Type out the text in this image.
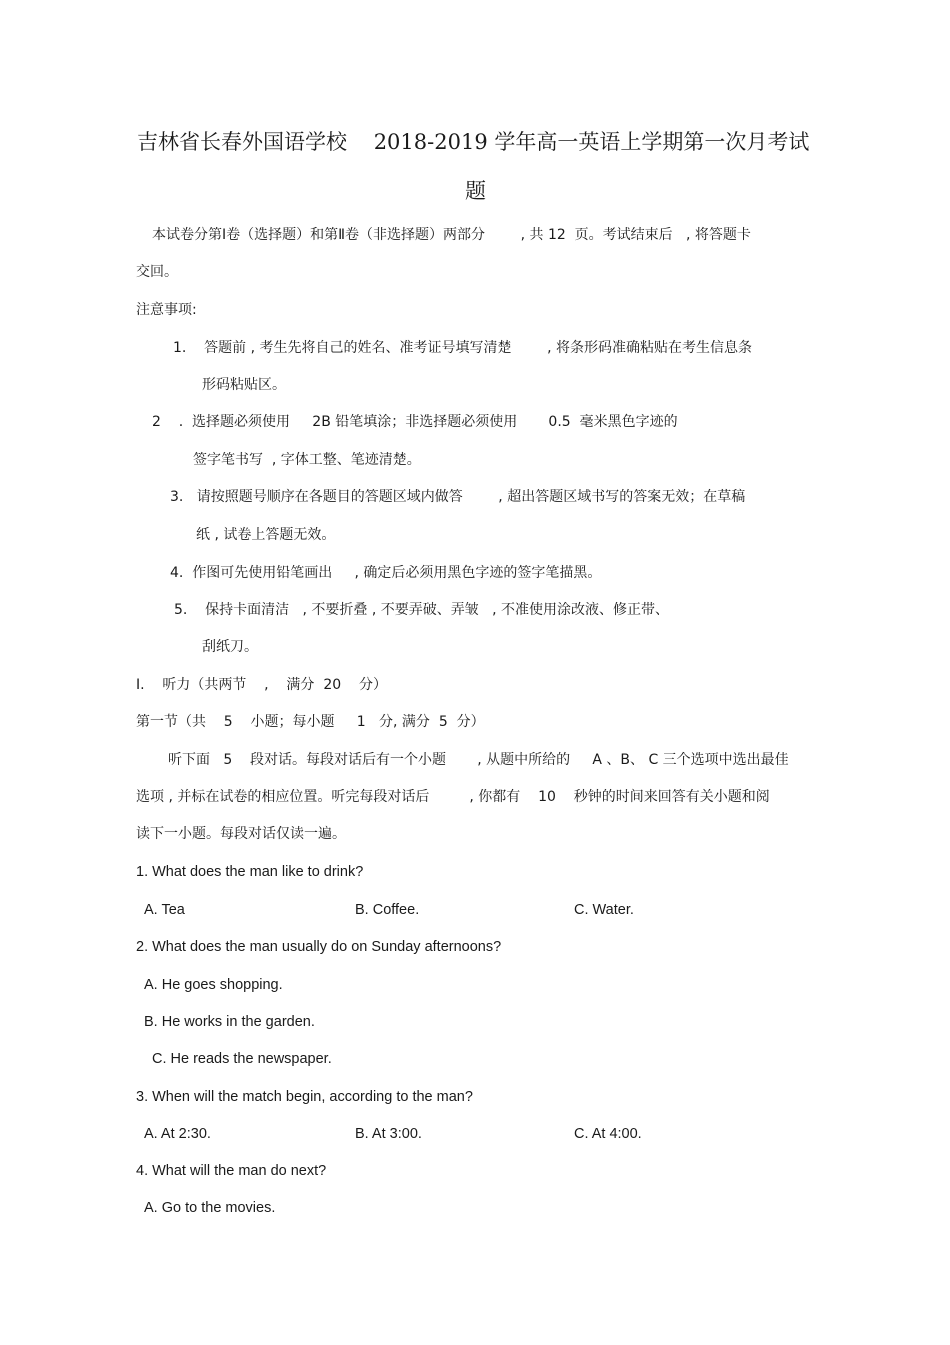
吉林省长春外国语学校    2018-2019 学年高一英语上学期第一次月考试
题
本试卷分第Ⅰ卷（选择题）和第Ⅱ卷（非选择题）两部分        , 共 12  页。考试结束后   , 将答题卡
交回。
注意事项:
1.    答题前 , 考生先将自己的姓名、准考证号填写清楚        , 将条形码准确粘贴在考生信息条
形码粘贴区。
2    .  选择题必须使用     2B 铅笔填涂；非选择题必须使用       0.5  毫米黑色字迹的
签字笔书写  , 字体工整、笔迹清楚。
3.   请按照题号顺序在各题目的答题区域内做答        , 超出答题区域书写的答案无效；在草稿
纸 , 试卷上答题无效。
4.  作图可先使用铅笔画出     , 确定后必须用黑色字迹的签字笔描黑。
5.    保持卡面清洁   , 不要折叠 , 不要弄破、弄皱   , 不准使用涂改液、修正带、
刮纸刀。
I.    听力（共两节    ,    满分  20    分）
第一节（共    5    小题；每小题     1   分, 满分  5  分）
听下面   5    段对话。每段对话后有一个小题       , 从题中所给的     A 、B、 C 三个选项中选出最佳
选项 , 并标在试卷的相应位置。听完每段对话后         , 你都有    10    秒钟的时间来回答有关小题和阅
读下一小题。每段对话仅读一遍。
1. What does the man like to drink?
A. Tea	B. Coffee.	C. Water.
2. What does the man usually do on Sunday afternoons?
A. He goes shopping.
B. He works in the garden.
C. He reads the newspaper.
3. When will the match begin, according to the man?
A. At 2:30.	B. At 3:00.	C. At 4:00.
4. What will the man do next?
A. Go to the movies.
